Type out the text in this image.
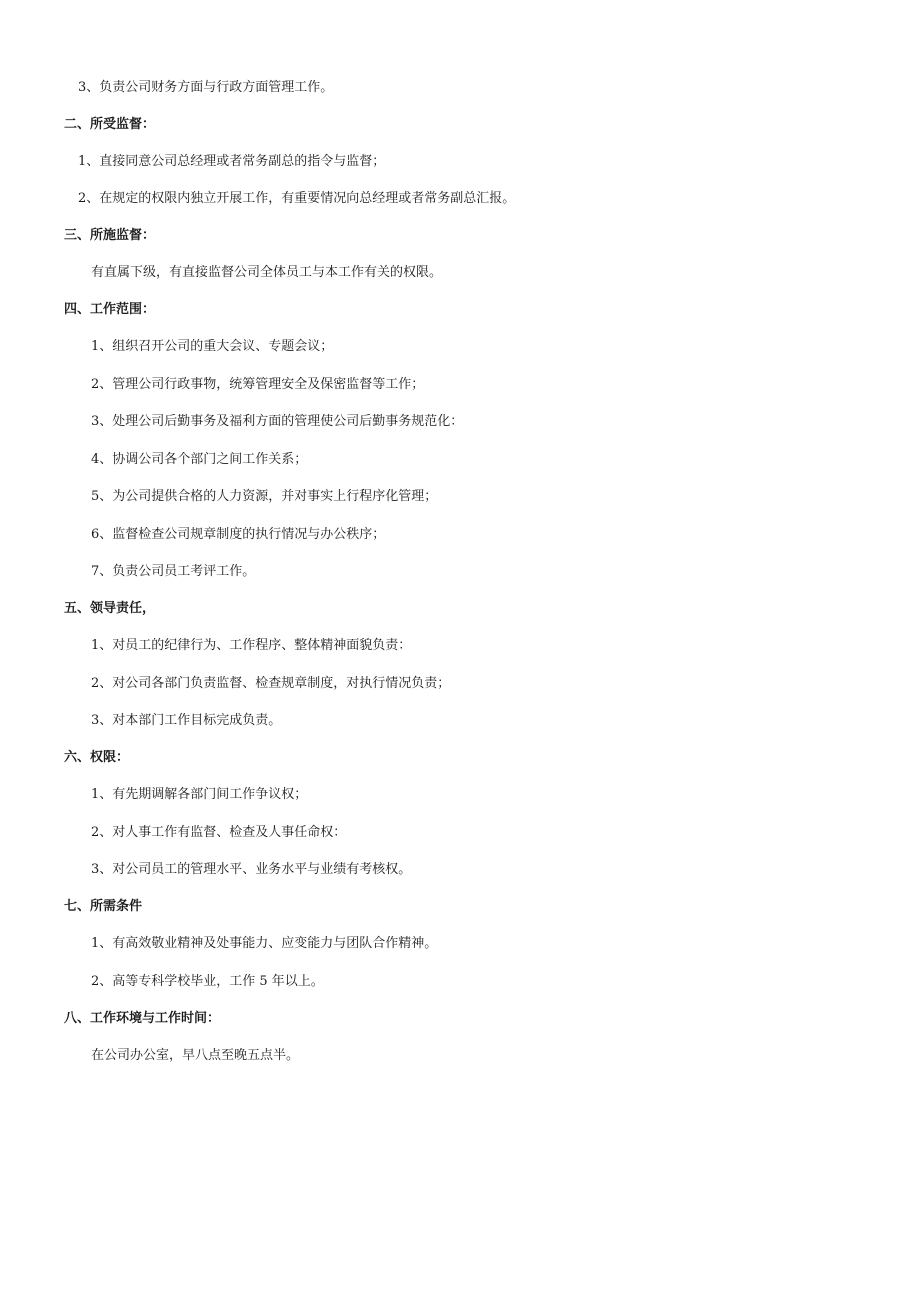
3、负责公司财务方面与行政方面管理工作。
二、所受监督：
1、直接同意公司总经理或者常务副总的指令与监督；
2、在规定的权限内独立开展工作，有重要情况向总经理或者常务副总汇报。
三、所施监督：
有直属下级，有直接监督公司全体员工与本工作有关的权限。
四、工作范围：
1、组织召开公司的重大会议、专题会议；
2、管理公司行政事物，统筹管理安全及保密监督等工作；
3、处理公司后勤事务及福利方面的管理使公司后勤事务规范化：
4、协调公司各个部门之间工作关系；
5、为公司提供合格的人力资源，并对事实上行程序化管理；
6、监督检查公司规章制度的执行情况与办公秩序；
7、负责公司员工考评工作。
五、领导责任，
1、对员工的纪律行为、工作程序、整体精神面貌负责：
2、对公司各部门负责监督、检查规章制度，对执行情况负责；
3、对本部门工作目标完成负责。
六、权限：
1、有先期调解各部门间工作争议权；
2、对人事工作有监督、检查及人事任命权：
3、对公司员工的管理水平、业务水平与业绩有考核权。
七、所需条件
1、有高效敬业精神及处事能力、应变能力与团队合作精神。
2、高等专科学校毕业，工作 5 年以上。
八、工作环境与工作时间：
在公司办公室，早八点至晚五点半。
